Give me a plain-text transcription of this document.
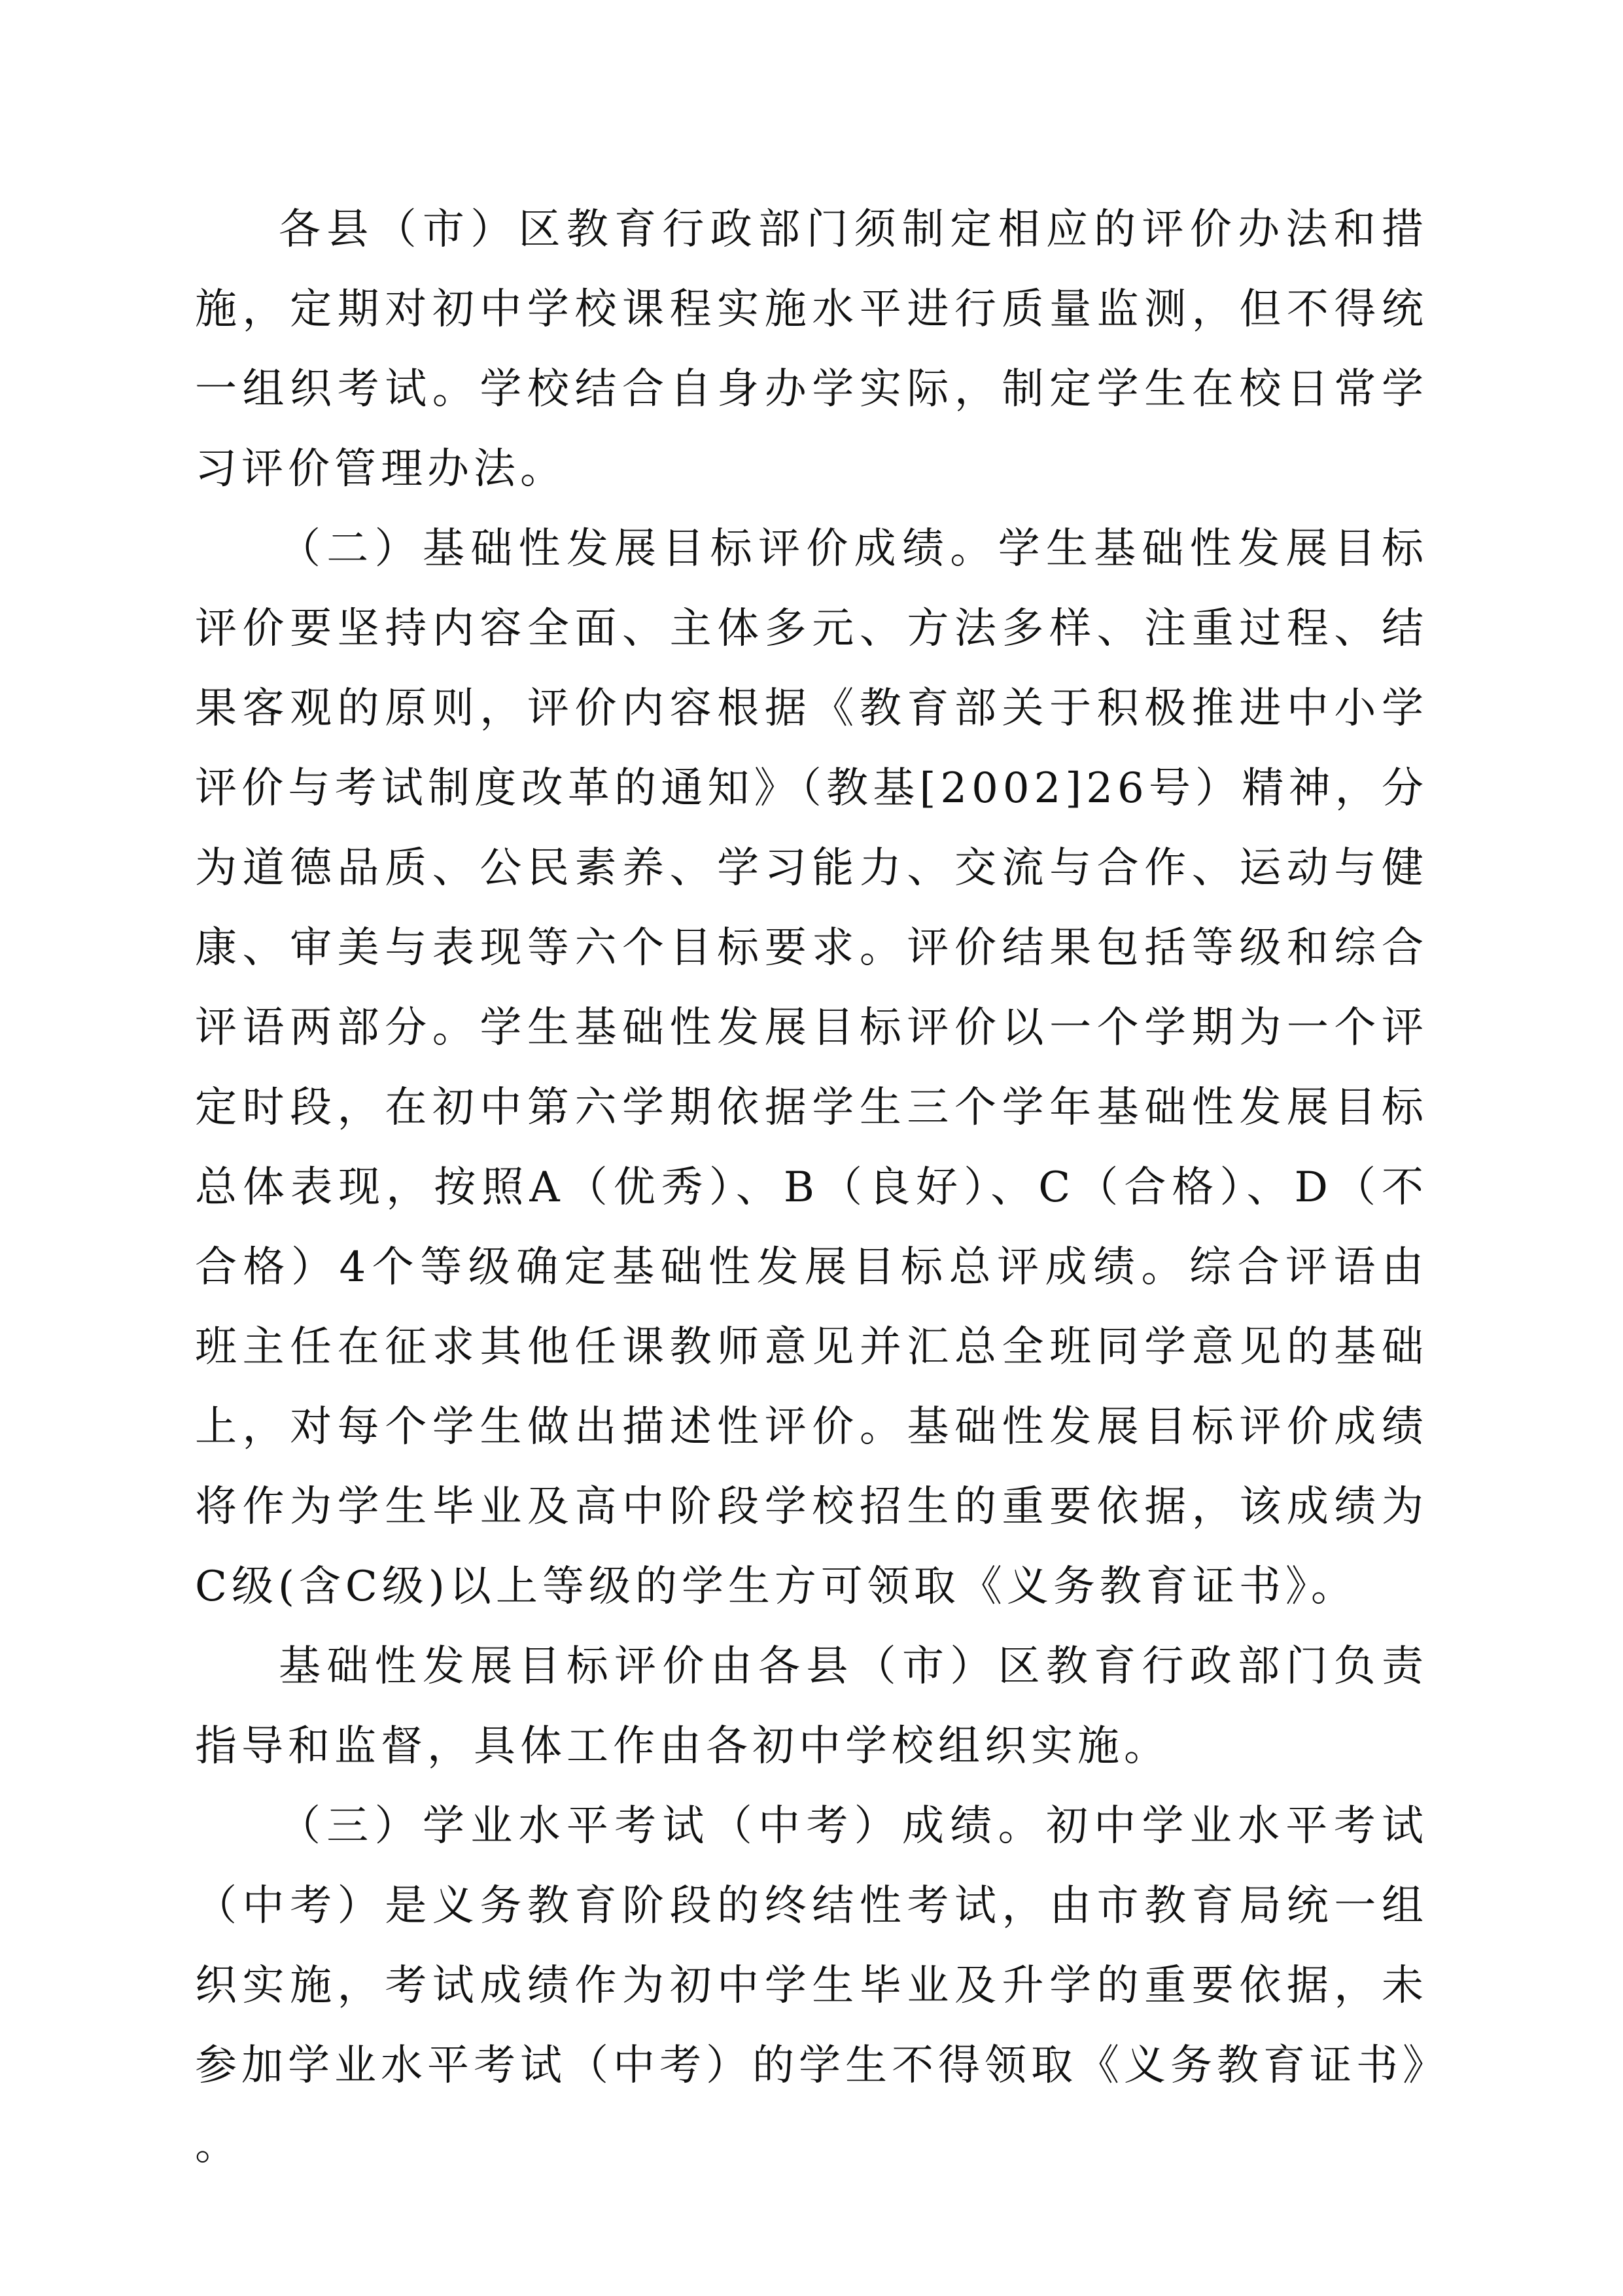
各县（市）区教育行政部门须制定相应的评价办法和措施，定期对初中学校课程实施水平进行质量监测，但不得统一组织考试。学校结合自身办学实际，制定学生在校日常学习评价管理办法。

（二）基础性发展目标评价成绩。学生基础性发展目标评价要坚持内容全面、主体多元、方法多样、注重过程、结果客观的原则，评价内容根据《教育部关于积极推进中小学评价与考试制度改革的通知》（教基[2002]26号）精神，分为道德品质、公民素养、学习能力、交流与合作、运动与健康、审美与表现等六个目标要求。评价结果包括等级和综合评语两部分。学生基础性发展目标评价以一个学期为一个评定时段，在初中第六学期依据学生三个学年基础性发展目标总体表现，按照A（优秀）、B（良好）、C（合格）、D（不合格）4个等级确定基础性发展目标总评成绩。综合评语由班主任在征求其他任课教师意见并汇总全班同学意见的基础上，对每个学生做出描述性评价。基础性发展目标评价成绩将作为学生毕业及高中阶段学校招生的重要依据，该成绩为C级(含C级)以上等级的学生方可领取《义务教育证书》。

基础性发展目标评价由各县（市）区教育行政部门负责指导和监督，具体工作由各初中学校组织实施。

（三）学业水平考试（中考）成绩。初中学业水平考试（中考）是义务教育阶段的终结性考试，由市教育局统一组织实施，考试成绩作为初中学生毕业及升学的重要依据，未参加学业水平考试（中考）的学生不得领取《义务教育证书》。
